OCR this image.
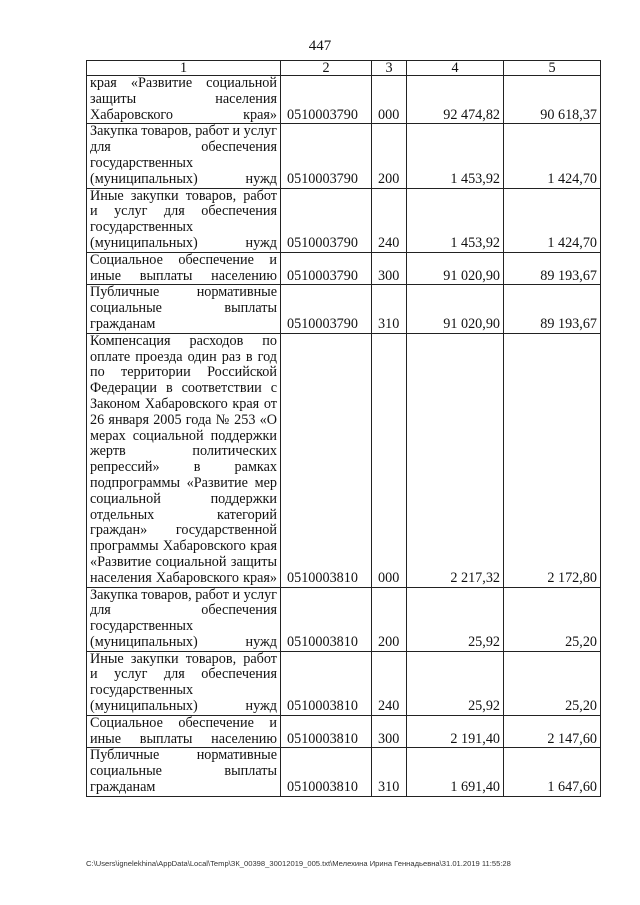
447
1	2	3	4	5
края «Развитие социальной защиты населения Хабаровского края»	0510003790	000	92 474,82	90 618,37
Закупка товаров, работ и услуг для обеспечения государственных (муниципальных) нужд	0510003790	200	1 453,92	1 424,70
Иные закупки товаров, работ и услуг для обеспечения государственных (муниципальных) нужд	0510003790	240	1 453,92	1 424,70
Социальное обеспечение и иные выплаты населению	0510003790	300	91 020,90	89 193,67
Публичные нормативные социальные выплаты гражданам	0510003790	310	91 020,90	89 193,67
Компенсация расходов по оплате проезда один раз в год по территории Российской Федерации в соответствии с Законом Хабаровского края от 26 января 2005 года № 253 «О мерах социальной поддержки жертв политических репрессий» в рамках подпрограммы «Развитие мер социальной поддержки отдельных категорий граждан» государственной программы Хабаровского края «Развитие социальной защиты населения Хабаровского края»	0510003810	000	2 217,32	2 172,80
Закупка товаров, работ и услуг для обеспечения государственных (муниципальных) нужд	0510003810	200	25,92	25,20
Иные закупки товаров, работ и услуг для обеспечения государственных (муниципальных) нужд	0510003810	240	25,92	25,20
Социальное обеспечение и иные выплаты населению	0510003810	300	2 191,40	2 147,60
Публичные нормативные социальные выплаты гражданам	0510003810	310	1 691,40	1 647,60
C:\Users\ignelekhina\AppData\Local\Temp\ЗК_00398_30012019_005.txt\Мелехина Ирина Геннадьевна\31.01.2019 11:55:28
